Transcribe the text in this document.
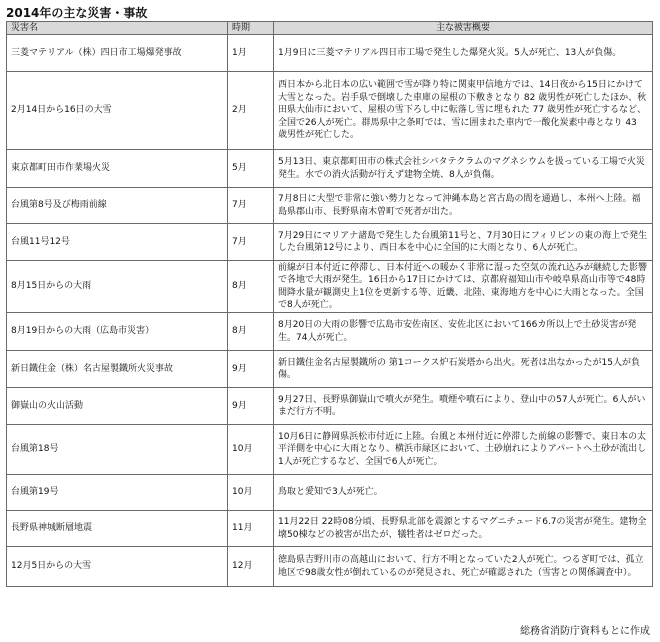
2014年の主な災害・事故
災害名	時期	主な被害概要
三菱マテリアル（株）四日市工場爆発事故	1月	1月9日に三菱マテリアル四日市工場で発生した爆発火災。5人が死亡、13人が負傷。
2月14日から16日の大雪	2月	西日本から北日本の広い範囲で雪が降り特に関東甲信地方では、14日夜から15日にかけて大雪となった。岩手県で倒壊した車庫の屋根の下敷きとなり 82 歳男性が死亡したほか、秋田県大仙市において、屋根の雪下ろし中に転落し雪に埋もれた 77 歳男性が死亡するなど、全国で26人が死亡。群馬県中之条町では、雪に囲まれた車内で一酸化炭素中毒となり 43 歳男性が死亡した。
東京都町田市作業場火災	5月	5月13日、東京都町田市の株式会社シバタテクラムのマグネシウムを扱っている工場で火災発生。水での消火活動が行えず建物全焼、8人が負傷。
台風第8号及び梅雨前線	7月	7月8日に大型で非常に強い勢力となって沖縄本島と宮古島の間を通過し、本州へ上陸。福島県郡山市、長野県南木曽町で死者が出た。
台風11号12号	7月	7月29日にマリアナ諸島で発生した台風第11号と、7月30日にフィリピンの東の海上で発生した台風第12号により、西日本を中心に全国的に大雨となり、6人が死亡。
8月15日からの大雨	8月	前線が日本付近に停滞し、日本付近への暖かく非常に湿った空気の流れ込みが継続した影響で各地で大雨が発生。16日から17日にかけては、京都府福知山市や岐阜県高山市等で48時間降水量が観測史上1位を更新する等、近畿、北陸、東海地方を中心に大雨となった。全国で8人が死亡。
8月19日からの大雨（広島市災害）	8月	8月20日の大雨の影響で広島市安佐南区、安佐北区において166カ所以上で土砂災害が発生。74人が死亡。
新日鐵住金（株）名古屋製鐵所火災事故	9月	新日鐵住金名古屋製鐵所の 第1コークス炉石炭塔から出火。死者は出なかったが15人が負傷。
御嶽山の火山活動	9月	9月27日、長野県御嶽山で噴火が発生。噴煙や噴石により、登山中の57人が死亡。6人がいまだ行方不明。
台風第18号	10月	10月6日に静岡県浜松市付近に上陸。台風と本州付近に停滞した前線の影響で、東日本の太平洋側を中心に大雨となり、横浜市緑区において、土砂崩れによりアパートへ土砂が流出し1人が死亡するなど、全国で6人が死亡。
台風第19号	10月	鳥取と愛知で3人が死亡。
長野県神城断層地震	11月	11月22日 22時08分頃、長野県北部を震源とするマグニチュード6.7の災害が発生。建物全壊50棟などの被害が出たが、犠牲者はゼロだった。
12月5日からの大雪	12月	徳島県吉野川市の高越山において、行方不明となっていた2人が死亡。つるぎ町では、孤立地区で98歳女性が倒れているのが発見され、死亡が確認された（雪害との関係調査中）。
総務省消防庁資料もとに作成
